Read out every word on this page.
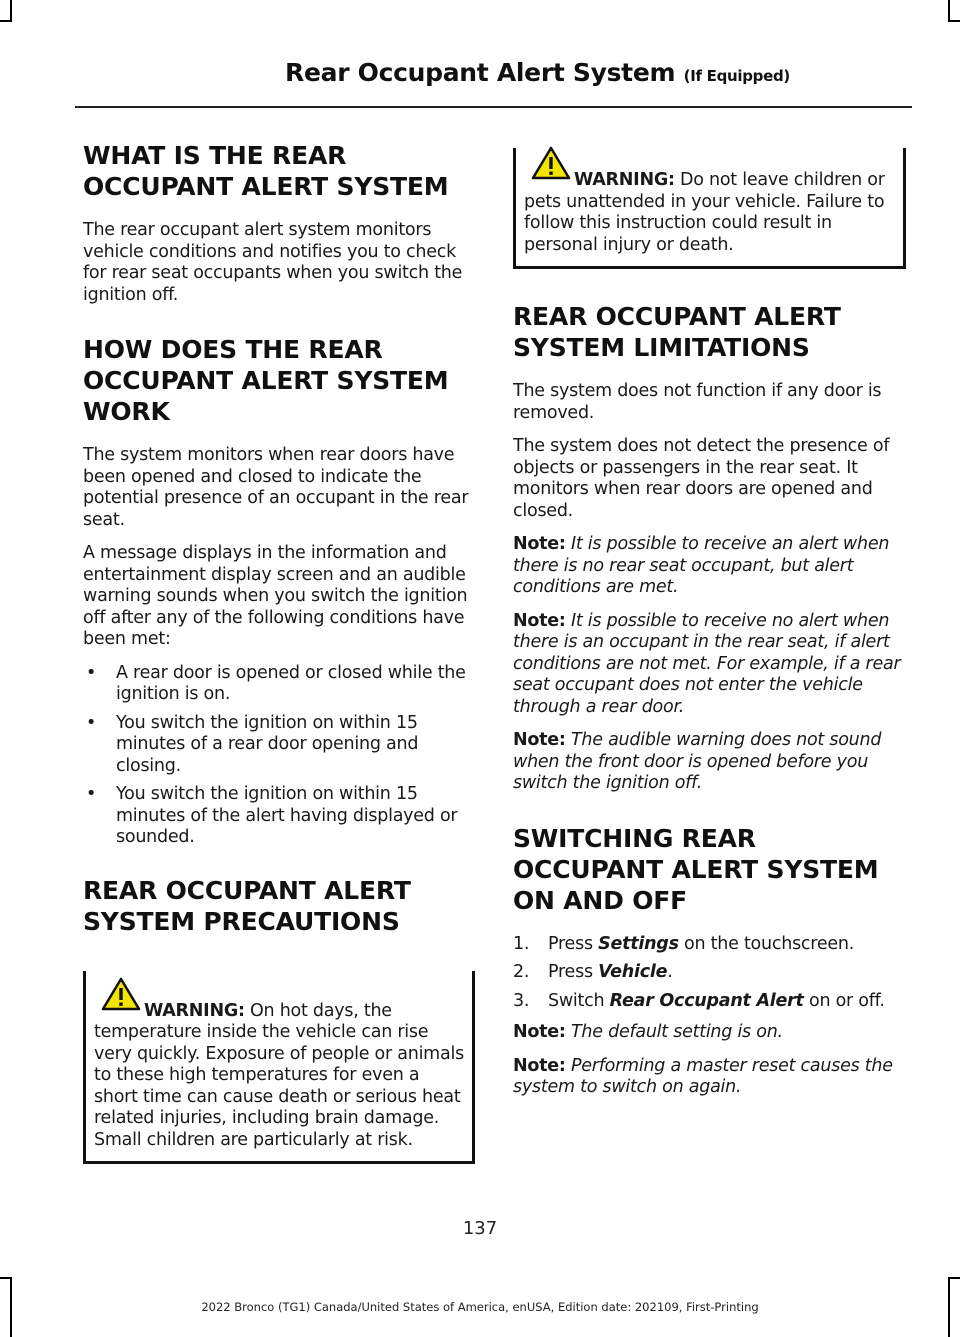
Rear Occupant Alert System (If Equipped)
WHAT IS THE REAR OCCUPANT ALERT SYSTEM

The rear occupant alert system monitors vehicle conditions and notifies you to check for rear seat occupants when you switch the ignition off.

HOW DOES THE REAR OCCUPANT ALERT SYSTEM WORK

The system monitors when rear doors have been opened and closed to indicate the potential presence of an occupant in the rear seat.

A message displays in the information and entertainment display screen and an audible warning sounds when you switch the ignition off after any of the following conditions have been met:

• A rear door is opened or closed while the ignition is on.
• You switch the ignition on within 15 minutes of a rear door opening and closing.
• You switch the ignition on within 15 minutes of the alert having displayed or sounded.
REAR OCCUPANT ALERT SYSTEM PRECAUTIONS

WARNING: On hot days, the temperature inside the vehicle can rise very quickly. Exposure of people or animals to these high temperatures for even a short time can cause death or serious heat related injuries, including brain damage. Small children are particularly at risk.

WARNING: Do not leave children or pets unattended in your vehicle. Failure to follow this instruction could result in personal injury or death.

REAR OCCUPANT ALERT SYSTEM LIMITATIONS

The system does not function if any door is removed.

The system does not detect the presence of objects or passengers in the rear seat. It monitors when rear doors are opened and closed.

Note: It is possible to receive an alert when there is no rear seat occupant, but alert conditions are met.

Note: It is possible to receive no alert when there is an occupant in the rear seat, if alert conditions are not met. For example, if a rear seat occupant does not enter the vehicle through a rear door.

Note: The audible warning does not sound when the front door is opened before you switch the ignition off.

SWITCHING REAR OCCUPANT ALERT SYSTEM ON AND OFF
1. Press Settings on the touchscreen.
2. Press Vehicle.
3. Switch Rear Occupant Alert on or off.

Note: The default setting is on.

Note: Performing a master reset causes the system to switch on again.

137
2022 Bronco (TG1) Canada/United States of America, enUSA, Edition date: 202109, First-Printing
